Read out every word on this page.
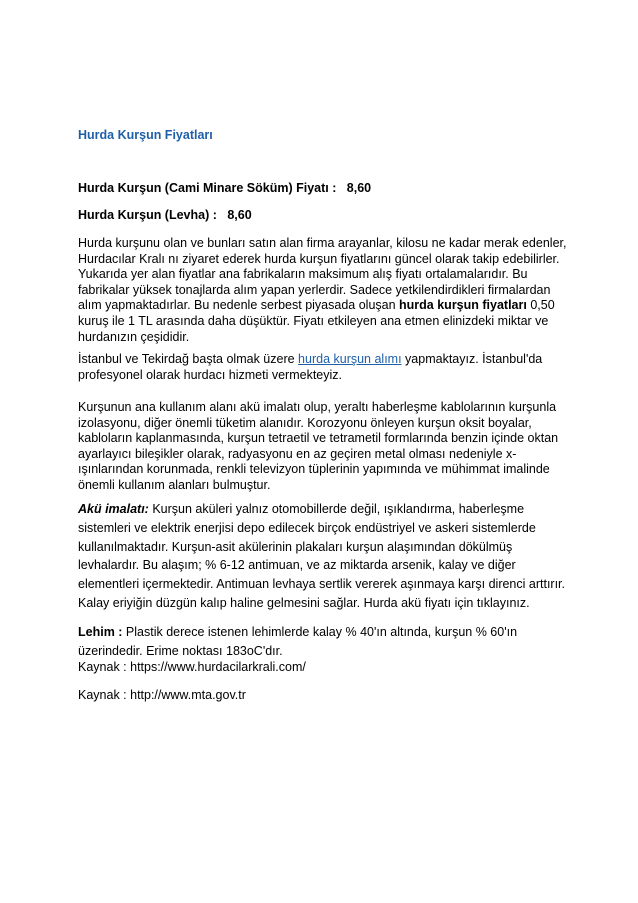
Hurda Kurşun Fiyatları
Hurda Kurşun (Cami Minare Söküm) Fiyatı :   8,60
Hurda Kurşun (Levha) :   8,60

Hurda kurşunu olan ve bunları satın alan firma arayanlar, kilosu ne kadar merak edenler, Hurdacılar Kralı nı ziyaret ederek hurda kurşun fiyatlarını güncel olarak takip edebilirler. Yukarıda yer alan fiyatlar ana fabrikaların maksimum alış fiyatı ortalamalarıdır. Bu fabrikalar yüksek tonajlarda alım yapan yerlerdir. Sadece yetkilendirdikleri firmalardan alım yapmaktadırlar. Bu nedenle serbest piyasada oluşan hurda kurşun fiyatları 0,50 kuruş ile 1 TL arasında daha düşüktür. Fiyatı etkileyen ana etmen elinizdeki miktar ve hurdanızın çeşididir.

İstanbul ve Tekirdağ başta olmak üzere hurda kurşun alımı yapmaktayız. İstanbul'da profesyonel olarak hurdacı hizmeti vermekteyiz.

Kurşunun ana kullanım alanı akü imalatı olup, yeraltı haberleşme kablolarının kurşunla izolasyonu, diğer önemli tüketim alanıdır. Korozyonu önleyen kurşun oksit boyalar, kabloların kaplanmasında, kurşun tetraetil ve tetrametil formlarında benzin içinde oktan ayarlayıcı bileşikler olarak, radyasyonu en az geçiren metal olması nedeniyle x-ışınlarından korunmada, renkli televizyon tüplerinin yapımında ve mühimmat imalinde önemli kullanım alanları bulmuştur.

Akü imalatı: Kurşun aküleri yalnız otomobillerde değil, ışıklandırma, haberleşme sistemleri ve elektrik enerjisi depo edilecek birçok endüstriyel ve askeri sistemlerde kullanılmaktadır. Kurşun-asit akülerinin plakaları kurşun alaşımından dökülmüş levhalardır. Bu alaşım; % 6-12 antimuan, ve az miktarda arsenik, kalay ve diğer elementleri içermektedir. Antimuan levhaya sertlik vererek aşınmaya karşı direnci arttırır. Kalay eriyiğin düzgün kalıp haline gelmesini sağlar. Hurda akü fiyatı için tıklayınız.

Lehim : Plastik derece istenen lehimlerde kalay % 40'ın altında, kurşun % 60'ın üzerindedir. Erime noktası 183oC'dır.

Kaynak : https://www.hurdacilarkrali.com/
Kaynak : http://www.mta.gov.tr
